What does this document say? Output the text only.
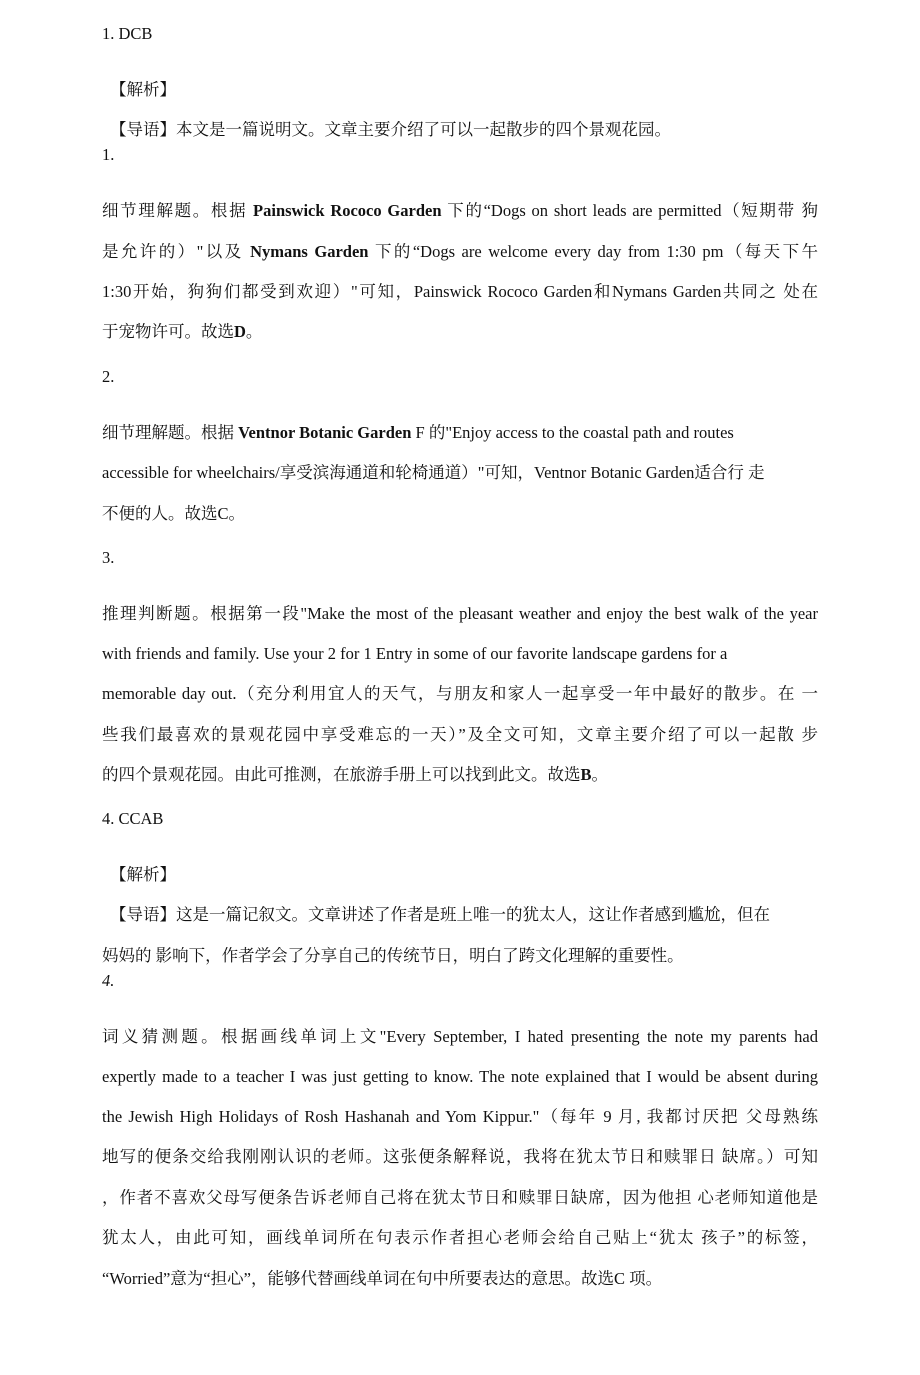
1. DCB
【解析】
【导语】本文是一篇说明文。文章主要介绍了可以一起散步的四个景观花园。
1.
细节理解题。根据 Painswick Rococo Garden 下的“Dogs on short leads are permitted（短期带 狗
是允许的）"以及 Nymans Garden 下的“Dogs are welcome every day from 1:30 pm（每天下午
1:30开始，狗狗们都受到欢迎）"可知，Painswick Rococo Garden和Nymans Garden共同之 处在
于宠物许可。故选D。
2.
细节理解题。根据 Ventnor Botanic Garden F 的"Enjoy access to the coastal path and routes
accessible for wheelchairs/享受滨海通道和轮椅通道）"可知，Ventnor Botanic Garden适合行 走
不便的人。故选C。
3.
推理判断题。根据第一段"Make the most of the pleasant weather and enjoy the best walk of the year
with friends and family. Use your 2 for 1 Entry in some of our favorite landscape gardens for a
memorable day out.（充分利用宜人的天气，与朋友和家人一起享受一年中最好的散步。在 一
些我们最喜欢的景观花园中享受难忘的一天）”及全文可知，文章主要介绍了可以一起散 步
的四个景观花园。由此可推测，在旅游手册上可以找到此文。故选B。
4. CCAB
【解析】
【导语】这是一篇记叙文。文章讲述了作者是班上唯一的犹太人，这让作者感到尴尬，但在
妈妈的 影响下，作者学会了分享自己的传统节日，明白了跨文化理解的重要性。
4.
词义猜测题。根据画线单词上文"Every September, I hated presenting the note my parents had
expertly made to a teacher I was just getting to know. The note explained that I would be absent during
the Jewish High Holidays of Rosh Hashanah and Yom Kippur."（每年 9 月, 我都讨厌把 父母熟练
地写的便条交给我刚刚认识的老师。这张便条解释说，我将在犹太节日和赎罪日 缺席。）可知
，作者不喜欢父母写便条告诉老师自己将在犹太节日和赎罪日缺席，因为他担 心老师知道他是
犹太人，由此可知，画线单词所在句表示作者担心老师会给自己贴上“犹太 孩子”的标签，
“Worried”意为“担心”，能够代替画线单词在句中所要表达的意思。故选C 项。
